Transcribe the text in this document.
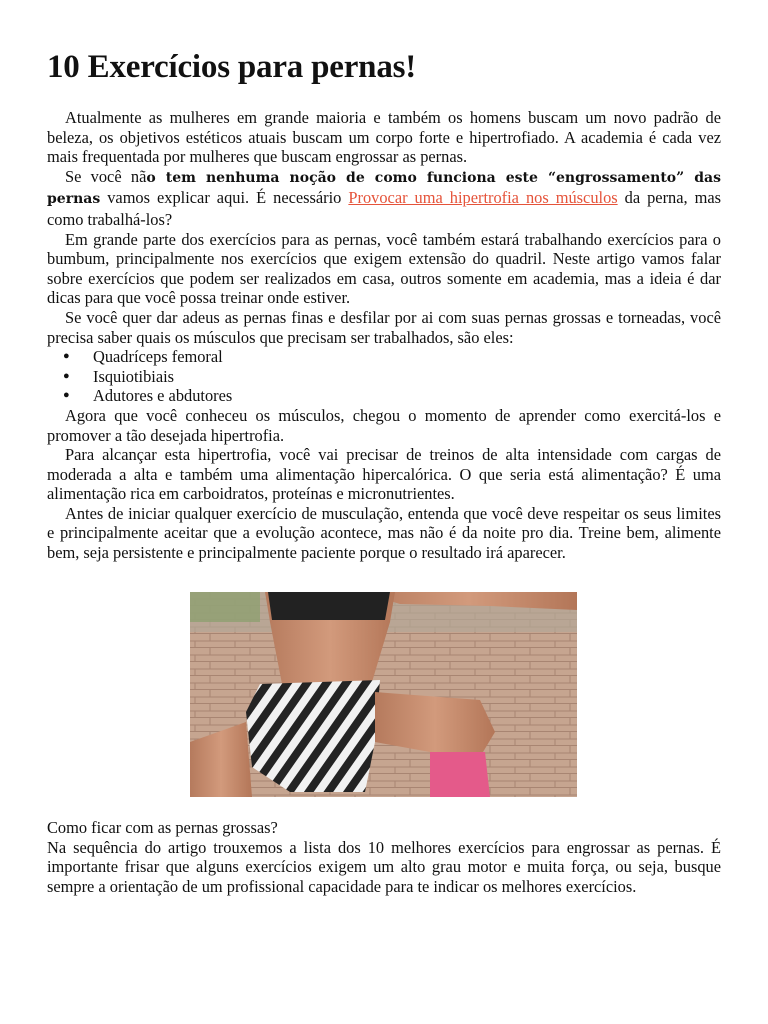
10 Exercícios para pernas!

Atualmente as mulheres em grande maioria e também os homens buscam um novo padrão de beleza, os objetivos estéticos atuais buscam um corpo forte e hipertrofiado. A academia é cada vez mais frequentada por mulheres que buscam engrossar as pernas.

Se você não tem nenhuma noção de como funciona este “engrossamento” das pernas vamos explicar aqui. É necessário Provocar uma hipertrofia nos músculos da perna, mas como trabalhá-los?

Em grande parte dos exercícios para as pernas, você também estará trabalhando exercícios para o bumbum, principalmente nos exercícios que exigem extensão do quadril. Neste artigo vamos falar sobre exercícios que podem ser realizados em casa, outros somente em academia, mas a ideia é dar dicas para que você possa treinar onde estiver.

Se você quer dar adeus as pernas finas e desfilar por ai com suas pernas grossas e torneadas, você precisa saber quais os músculos que precisam ser trabalhados, são eles:

● Quadríceps femoral
● Isquiotibiais
● Adutores e abdutores

Agora que você conheceu os músculos, chegou o momento de aprender como exercitá-los e promover a tão desejada hipertrofia.

Para alcançar esta hipertrofia, você vai precisar de treinos de alta intensidade com cargas de moderada a alta e também uma alimentação hipercalórica. O que seria está alimentação? É uma alimentação rica em carboidratos, proteínas e micronutrientes.

Antes de iniciar qualquer exercício de musculação, entenda que você deve respeitar os seus limites e principalmente aceitar que a evolução acontece, mas não é da noite pro dia. Treine bem, alimente bem, seja persistente e principalmente paciente porque o resultado irá aparecer.

Como ficar com as pernas grossas?

Na sequência do artigo trouxemos a lista dos 10 melhores exercícios para engrossar as pernas. É importante frisar que alguns exercícios exigem um alto grau motor e muita força, ou seja, busque sempre a orientação de um profissional capacidade para te indicar os melhores exercícios.
